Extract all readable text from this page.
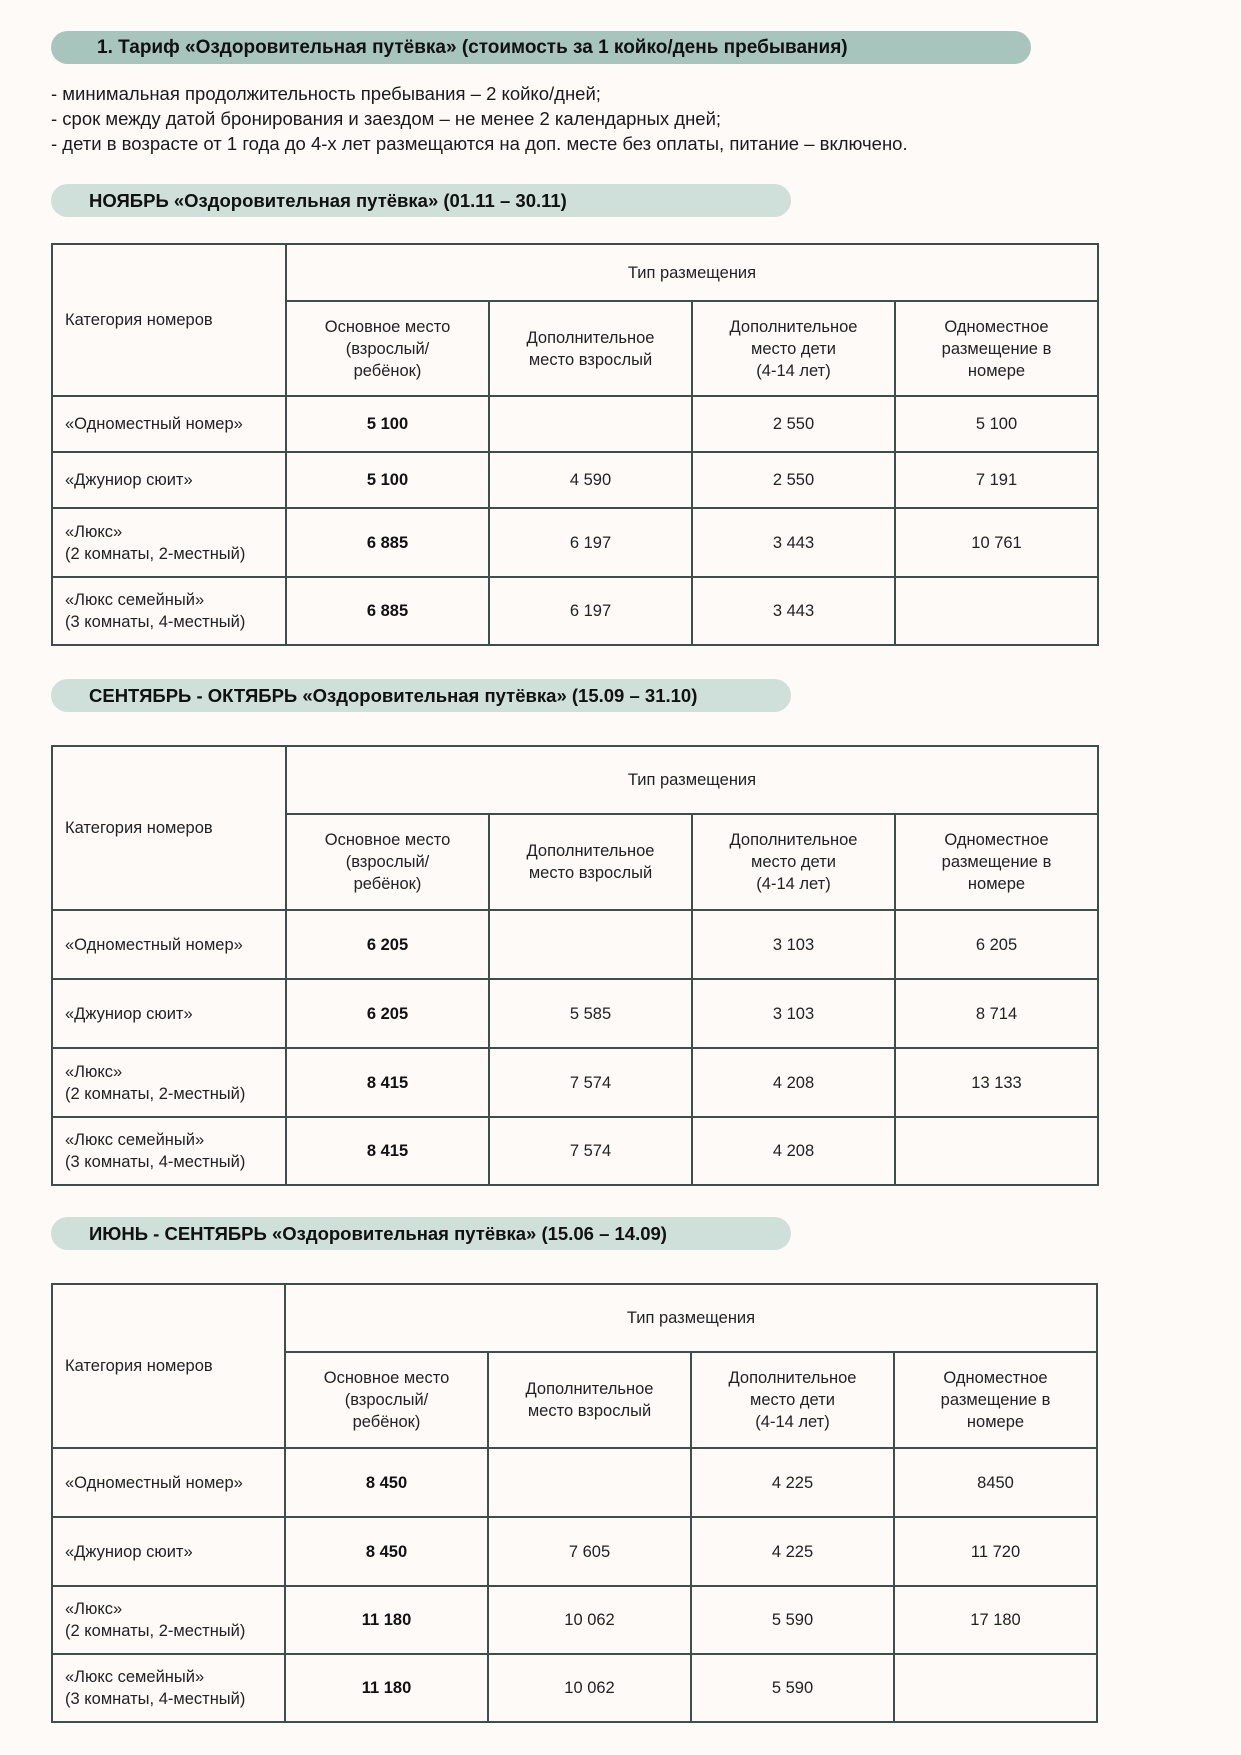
1. Тариф «Оздоровительная путёвка» (стоимость за 1 койко/день пребывания)
- минимальная продолжительность пребывания – 2 койко/дней;
- срок между датой бронирования и заездом – не менее 2 календарных дней;
- дети в возрасте от 1 года до 4-х лет размещаются на доп. месте без оплаты, питание – включено.
НОЯБРЬ «Оздоровительная путёвка» (01.11 – 30.11)
Категория номеров	Тип размещения			

	Основное место
(взрослый/
ребёнок)	Дополнительное
место взрослый	Дополнительное
место дети
(4-14 лет)	Одноместное
размещение в
номере

«Одноместный номер»	5 100		2 550	5 100
«Джуниор сюит»	5 100	4 590	2 550	7 191

«Люкс»
(2 комнаты, 2-местный)	6 885	6 197	3 443	10 761

«Люкс семейный»
(3 комнаты, 4-местный)	6 885	6 197	3 443	
СЕНТЯБРЬ - ОКТЯБРЬ «Оздоровительная путёвка» (15.09 – 31.10)
Категория номеров	Тип размещения			

	Основное место
(взрослый/
ребёнок)	Дополнительное
место взрослый	Дополнительное
место дети
(4-14 лет)	Одноместное
размещение в
номере

«Одноместный номер»	6 205		3 103	6 205
«Джуниор сюит»	6 205	5 585	3 103	8 714

«Люкс»
(2 комнаты, 2-местный)	8 415	7 574	4 208	13 133

«Люкс семейный»
(3 комнаты, 4-местный)	8 415	7 574	4 208	
ИЮНЬ - СЕНТЯБРЬ «Оздоровительная путёвка» (15.06 – 14.09)
Категория номеров	Тип размещения			

	Основное место
(взрослый/
ребёнок)	Дополнительное
место взрослый	Дополнительное
место дети
(4-14 лет)	Одноместное
размещение в
номере

«Одноместный номер»	8 450		4 225	8450
«Джуниор сюит»	8 450	7 605	4 225	11 720

«Люкс»
(2 комнаты, 2-местный)	11 180	10 062	5 590	17 180

«Люкс семейный»
(3 комнаты, 4-местный)	11 180	10 062	5 590	
